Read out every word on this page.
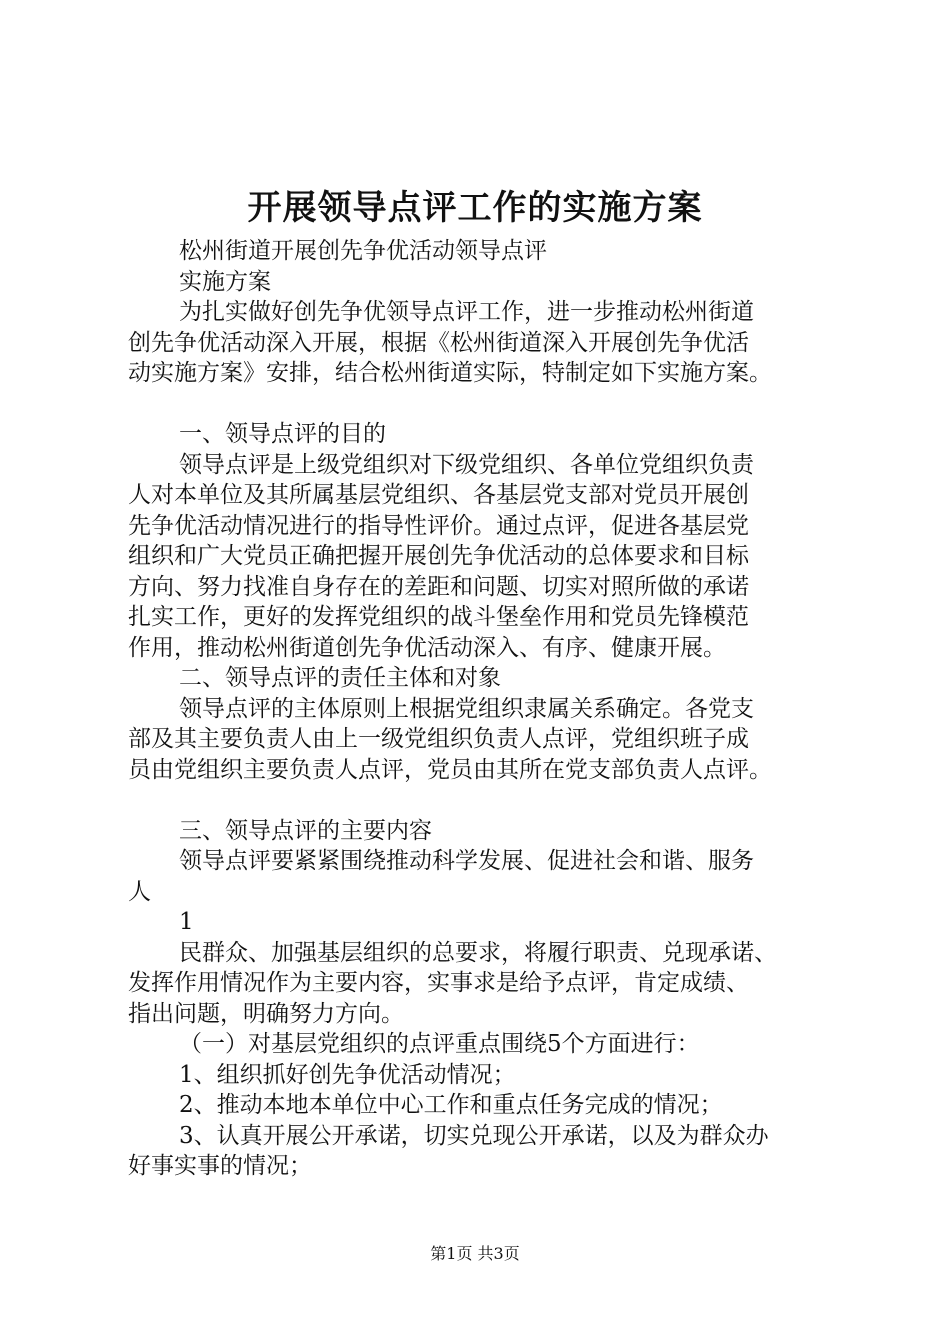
开展领导点评工作的实施方案
松州街道开展创先争优活动领导点评
实施方案
为扎实做好创先争优领导点评工作，进一步推动松州街道
创先争优活动深入开展，根据《松州街道深入开展创先争优活
动实施方案》安排，结合松州街道实际，特制定如下实施方案。
一、领导点评的目的
领导点评是上级党组织对下级党组织、各单位党组织负责
人对本单位及其所属基层党组织、各基层党支部对党员开展创
先争优活动情况进行的指导性评价。通过点评，促进各基层党
组织和广大党员正确把握开展创先争优活动的总体要求和目标
方向、努力找准自身存在的差距和问题、切实对照所做的承诺
扎实工作，更好的发挥党组织的战斗堡垒作用和党员先锋模范
作用，推动松州街道创先争优活动深入、有序、健康开展。
二、领导点评的责任主体和对象
领导点评的主体原则上根据党组织隶属关系确定。各党支
部及其主要负责人由上一级党组织负责人点评，党组织班子成
员由党组织主要负责人点评，党员由其所在党支部负责人点评。
三、领导点评的主要内容
领导点评要紧紧围绕推动科学发展、促进社会和谐、服务
人
1
民群众、加强基层组织的总要求，将履行职责、兑现承诺、
发挥作用情况作为主要内容，实事求是给予点评，肯定成绩、
指出问题，明确努力方向。
（一）对基层党组织的点评重点围绕5个方面进行：
1、组织抓好创先争优活动情况；
2、推动本地本单位中心工作和重点任务完成的情况；
3、认真开展公开承诺，切实兑现公开承诺，以及为群众办
好事实事的情况；
第1页 共3页
